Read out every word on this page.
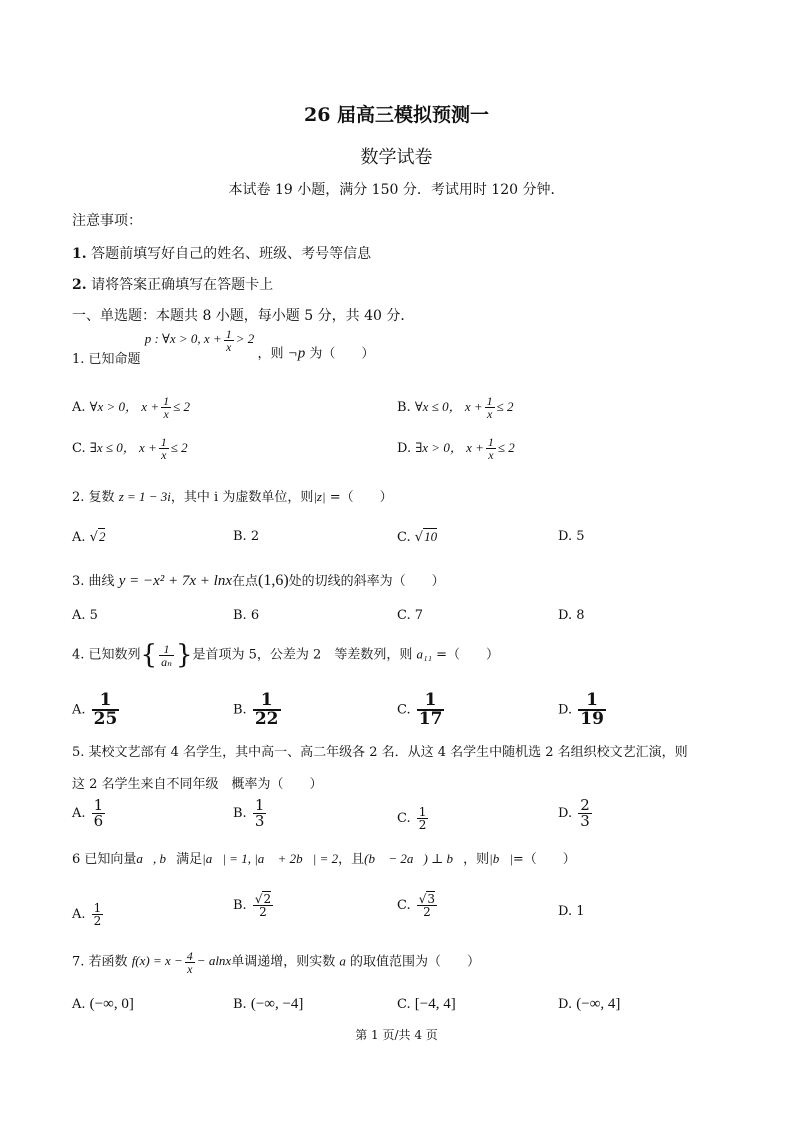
26 届高三模拟预测一
数学试卷
本试卷 19 小题，满分 150 分．考试用时 120 分钟．
注意事项：
1. 答题前填写好自己的姓名、班级、考号等信息
2. 请将答案正确填写在答题卡上
一、单选题：本题共 8 小题，每小题 5 分，共 40 分．
1. 已知命题 p : ∀x > 0, $x + \frac{1}{x} > 2$ ，则 ¬p 为（　　）
A. ∀x > 0， $x + \frac{1}{x} \le 2$	B. ∀x ≤ 0， $x + \frac{1}{x} \le 2$
C. ∃x ≤ 0， $x + \frac{1}{x} \le 2$	D. ∃x > 0， $x + \frac{1}{x} \le 2$
2. 复数 z = 1 − 3i，其中 i 为虚数单位，则|z| =（　　）
A. √2	B. 2	C. √10	D. 5
3. 曲线 y = −x² + 7x + lnx在点(1,6)处的切线的斜率为（　　）
A. 5	B. 6	C. 7	D. 8
4. 已知数列{ $\frac{1}{\text{aₙ}}$ }是首项为 5，公差为 2　等差数列，则 a₁₁ =（　　）
A. $\frac{1}{25}$	B. $\frac{1}{22}$	C. $\frac{1}{17}$	D. $\frac{1}{19}$
5. 某校文艺部有 4 名学生，其中高一、高二年级各 2 名．从这 4 名学生中随机选 2 名组织校文艺汇演，则
这 2 名学生来自不同年级　概率为（　　）
A. $\frac{1}{6}$	B. $\frac{1}{3}$	C. $\frac{1}{2}$	D. $\frac{2}{3}$
6 已知向量a⃗, b⃗满足|a⃗| = 1, |a⃗ + 2b⃗| = 2，且(b⃗ − 2a⃗) ⊥ b⃗，则|b⃗|=（　　）
A. $\frac{1}{2}$	B. $\frac{√2}{2}$	C. $\frac{√3}{2}$	D. 1
7. 若函数 $f(x) = x - \frac{4}{x} - alnx$单调递增，则实数 a 的取值范围为（　　）
A. (−∞, 0]	B. (−∞, −4]	C. [−4, 4]	D. (−∞, 4]
第 1 页/共 4 页
